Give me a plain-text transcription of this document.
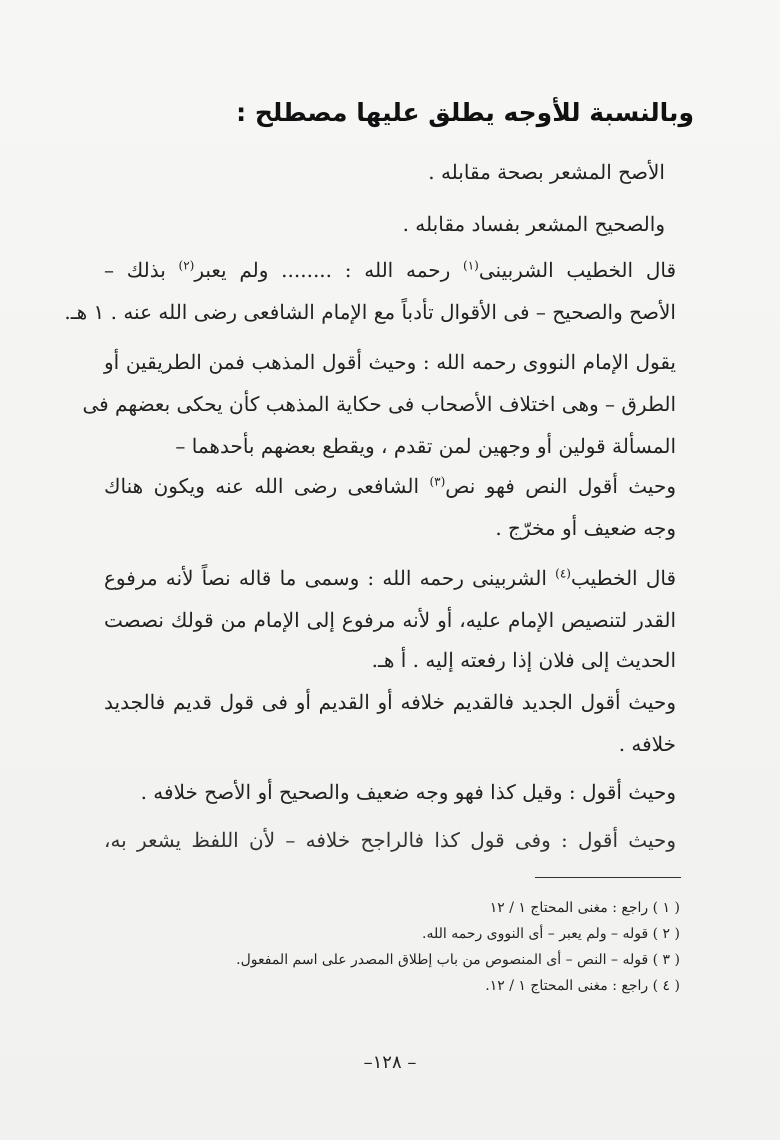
وبالنسبة للأوجه يطلق عليها مصطلح :
الأصح المشعر بصحة مقابله .
والصحيح المشعر بفساد مقابله .
قال الخطيب الشربينى$^{(١)}$ رحمه الله : ........ ولم يعبر$^{(٢)}$ بذلك –
الأصح والصحيح – فى الأقوال تأدباً مع الإمام الشافعى رضى الله عنه . ١ هـ.
يقول الإمام النووى رحمه الله : وحيث أقول المذهب فمن الطريقين أو
الطرق – وهى اختلاف الأصحاب فى حكاية المذهب كأن يحكى بعضهم فى
المسألة قولين أو وجهين لمن تقدم ، ويقطع بعضهم بأحدهما –
وحيث أقول النص فهو نص$^{(٣)}$ الشافعى رضى الله عنه ويكون هناك
وجه ضعيف أو مخرّج .
قال الخطيب$^{(٤)}$ الشربينى رحمه الله : وسمى ما قاله نصاً لأنه مرفوع
القدر لتنصيص الإمام عليه، أو لأنه مرفوع إلى الإمام من قولك نصصت
الحديث إلى فلان إذا رفعته إليه . أ هـ.
وحيث أقول الجديد فالقديم خلافه أو القديم أو فى قول قديم فالجديد
خلافه .
وحيث أقول : وقيل كذا فهو وجه ضعيف والصحيح أو الأصح خلافه .
وحيث أقول : وفى قول كذا فالراجح خلافه – لأن اللفظ يشعر به،
( ١ ) راجع : مغنى المحتاج ١ / ١٢
( ٢ ) قوله – ولم يعبر – أى النووى رحمه الله.
( ٣ ) قوله – النص – أى المنصوص من باب إطلاق المصدر على اسم المفعول.
( ٤ ) راجع : مغنى المحتاج ١ / ١٢.
–١٢٨ –
